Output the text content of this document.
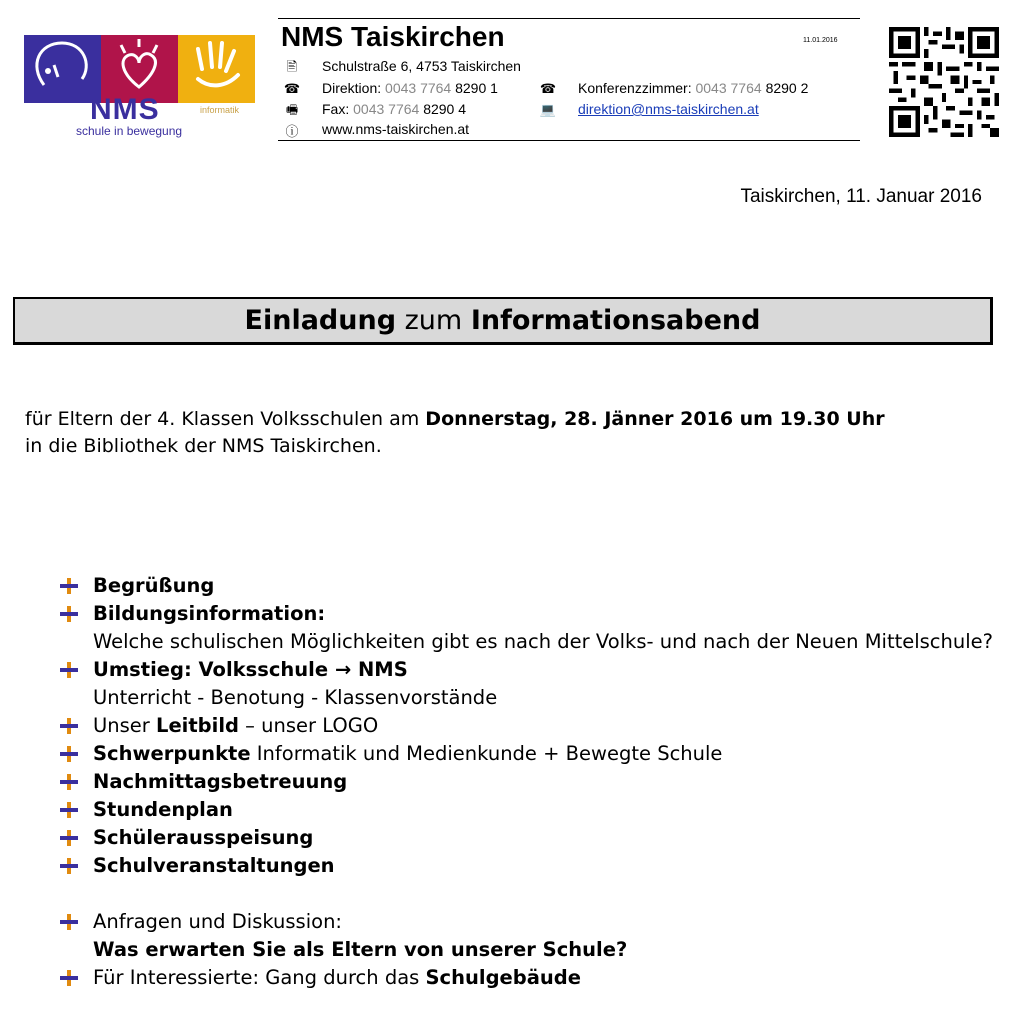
NMS	informatik
schule in bewegung
NMS Taiskirchen	11.01.2016
🖹 Schulstraße 6, 4753 Taiskirchen
☎ Direktion: 0043 7764 8290 1
🖷 Fax: 0043 7764 8290 4
ⓘ www.nms-taiskirchen.at
☎ Konferenzzimmer: 0043 7764 8290 2
💻 direktion@nms-taiskirchen.at
Taiskirchen, 11. Januar 2016
Einladung zum Informationsabend
für Eltern der 4. Klassen Volksschulen am Donnerstag, 28. Jänner 2016 um 19.30 Uhr
in die Bibliothek der NMS Taiskirchen.
Begrüßung
Bildungsinformation:
Welche schulischen Möglichkeiten gibt es nach der Volks- und nach der Neuen Mittelschule?
Umstieg: Volksschule → NMS
Unterricht - Benotung - Klassenvorstände
Unser Leitbild – unser LOGO
Schwerpunkte Informatik und Medienkunde + Bewegte Schule
Nachmittagsbetreuung
Stundenplan
Schülerausspeisung
Schulveranstaltungen
Anfragen und Diskussion:
Was erwarten Sie als Eltern von unserer Schule?
Für Interessierte: Gang durch das Schulgebäude
